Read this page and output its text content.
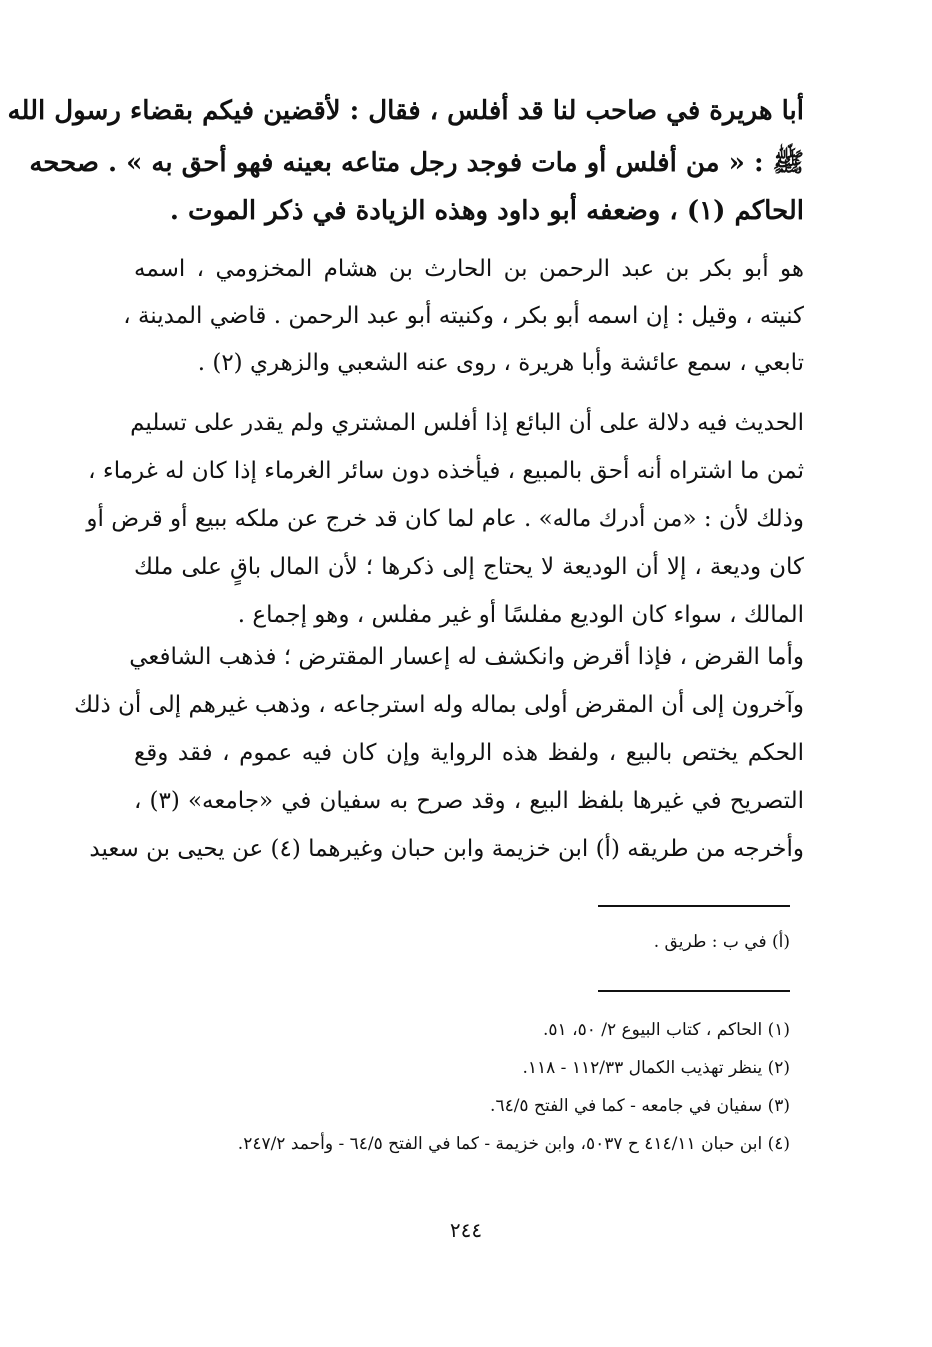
أبا هريرة في صاحب لنا قد أفلس ، فقال : لأقضين فيكم بقضاء رسول الله
ﷺ : « من أفلس أو مات فوجد رجل متاعه بعينه فهو أحق به » . صححه
الحاكم (١) ، وضعفه أبو داود وهذه الزيادة في ذكر الموت .
هو أبو بكر بن عبد الرحمن بن الحارث بن هشام المخزومي ، اسمه
كنيته ، وقيل : إن اسمه أبو بكر ، وكنيته أبو عبد الرحمن . قاضي المدينة ،
تابعي ، سمع عائشة وأبا هريرة ، روى عنه الشعبي والزهري (٢) .
الحديث فيه دلالة على أن البائع إذا أفلس المشتري ولم يقدر على تسليم
ثمن ما اشتراه أنه أحق بالمبيع ، فيأخذه دون سائر الغرماء إذا كان له غرماء ،
وذلك لأن : «من أدرك ماله» . عام لما كان قد خرج عن ملكه ببيع أو قرض أو
كان وديعة ، إلا أن الوديعة لا يحتاج إلى ذكرها ؛ لأن المال باقٍ على ملك
المالك ، سواء كان الوديع مفلسًا أو غير مفلس ، وهو إجماع .
وأما القرض ، فإذا أقرض وانكشف له إعسار المقترض ؛ فذهب الشافعي
وآخرون إلى أن المقرض أولى بماله وله استرجاعه ، وذهب غيرهم إلى أن ذلك
الحكم يختص بالبيع ، ولفظ هذه الرواية وإن كان فيه عموم ، فقد وقع
التصريح في غيرها بلفظ البيع ، وقد صرح به سفيان في «جامعه» (٣) ،
وأخرجه من طريقه (أ) ابن خزيمة وابن حبان وغيرهما (٤) عن يحيى بن سعيد
(أ) في ب : طريق .
(١) الحاكم ، كتاب البيوع ٢/ ٥٠، ٥١.
(٢) ينظر تهذيب الكمال ١١٢/٣٣ - ١١٨.
(٣) سفيان في جامعه - كما في الفتح ٦٤/٥.
(٤) ابن حبان ٤١٤/١١ ح ٥٠٣٧، وابن خزيمة - كما في الفتح ٦٤/٥ - وأحمد ٢٤٧/٢.
٢٤٤
